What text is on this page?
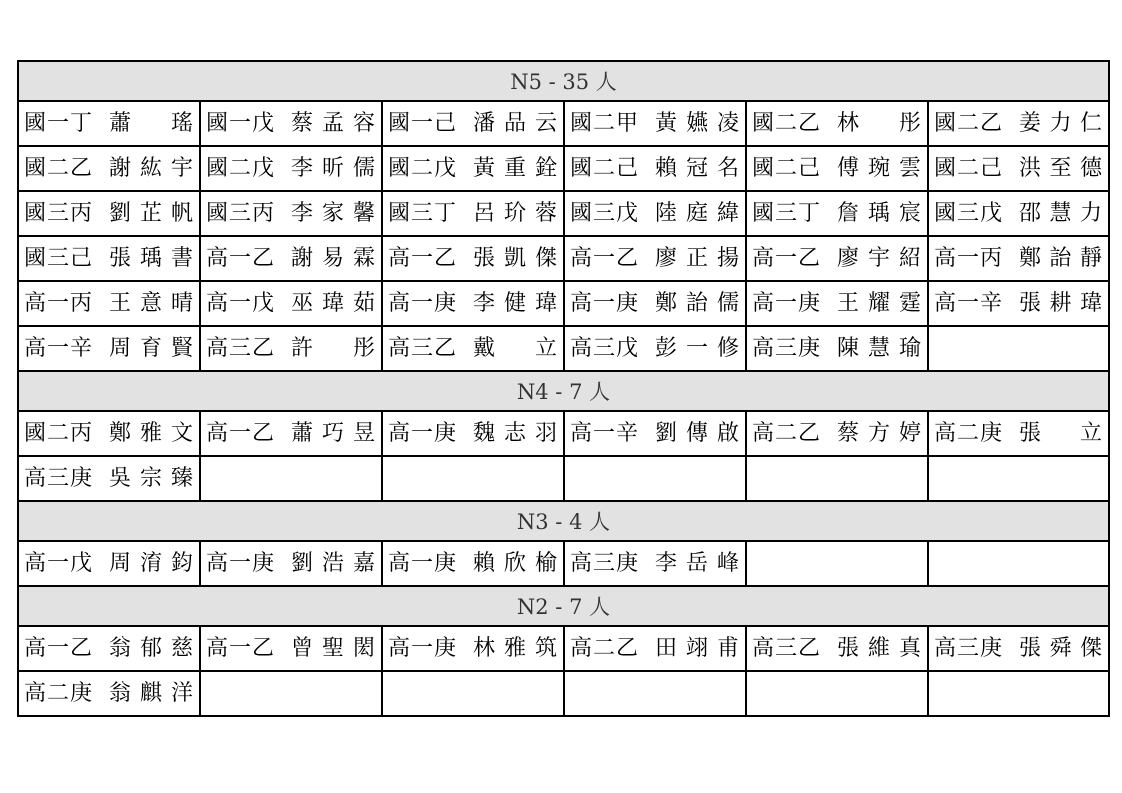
N5 - 35 人					

國一丁 蕭 瑤	國一戊 蔡 孟 容	國一己 潘 品 云	國二甲 黃 嬿 凌	國二乙 林 彤	國二乙 姜 力 仁

國二乙 謝 紘 宇	國二戊 李 昕 儒	國二戊 黃 重 銓	國二己 賴 冠 名	國二己 傅 琬 雲	國二己 洪 至 德

國三丙 劉 芷 帆	國三丙 李 家 馨	國三丁 呂 玠 蓉	國三戊 陸 庭 緯	國三丁 詹 瑀 宸	國三戊 邵 慧 力

國三己 張 瑀 書	高一乙 謝 易 霖	高一乙 張 凱 傑	高一乙 廖 正 揚	高一乙 廖 宇 紹	高一丙 鄭 詒 靜

高一丙 王 意 晴	高一戊 巫 瑋 茹	高一庚 李 健 瑋	高一庚 鄭 詒 儒	高一庚 王 耀 霆	高一辛 張 耕 瑋

高一辛 周 育 賢	高三乙 許 彤	高三乙 戴 立	高三戊 彭 一 修	高三庚 陳 慧 瑜	

N4 - 7 人					

國二丙 鄭 雅 文	高一乙 蕭 巧 昱	高一庚 魏 志 羽	高一辛 劉 傳 啟	高二乙 蔡 方 婷	高二庚 張 立

高三庚 吳 宗 臻					

N3 - 4 人					

高一戊 周 淯 鈞	高一庚 劉 浩 嘉	高一庚 賴 欣 榆	高三庚 李 岳 峰		

N2 - 7 人					

高一乙 翁 郁 慈	高一乙 曾 聖 閎	高一庚 林 雅 筑	高二乙 田 翊 甫	高三乙 張 維 真	高三庚 張 舜 傑

高二庚 翁 麒 洋					
